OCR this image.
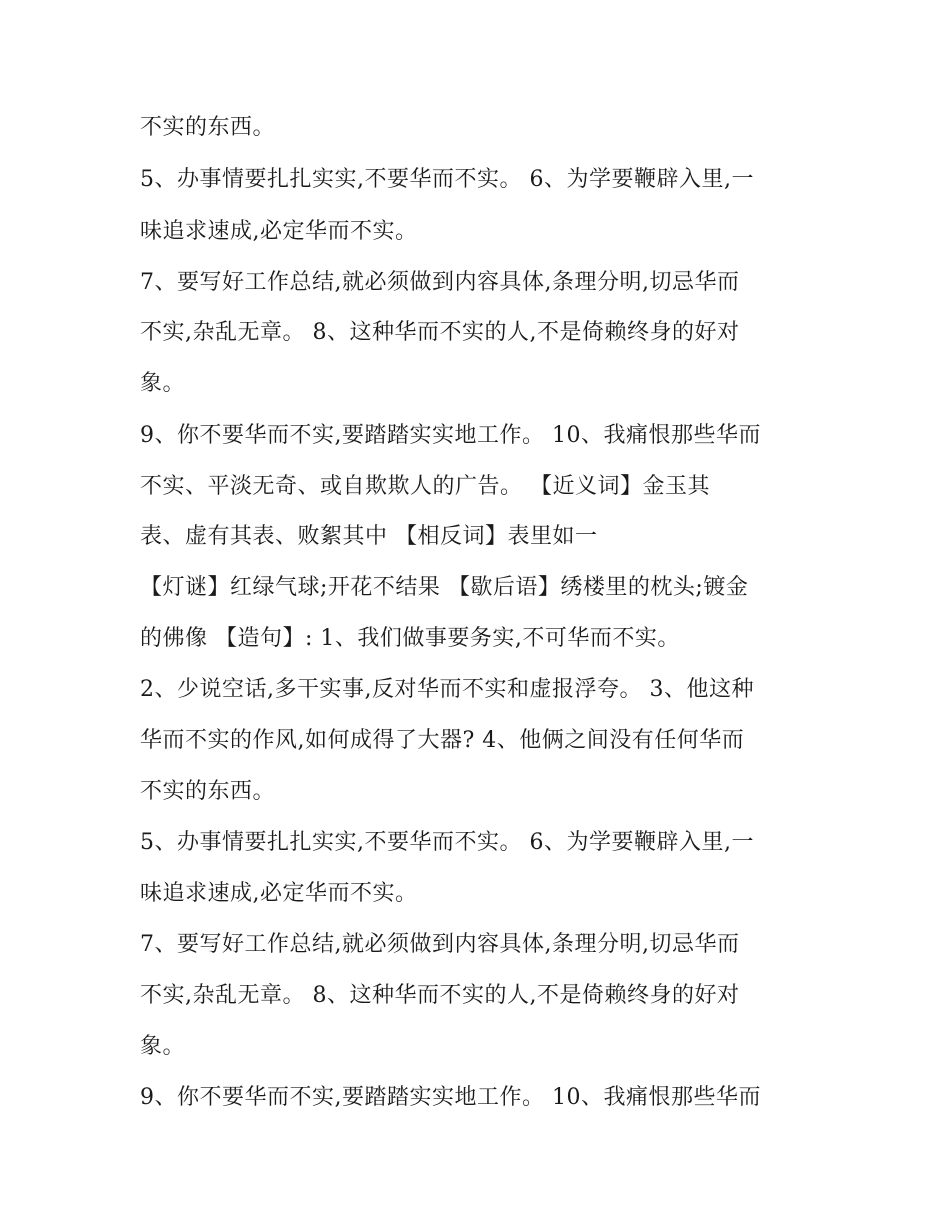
不实的东西。
5、办事情要扎扎实实,不要华而不实。 6、为学要鞭辟入里,一
味追求速成,必定华而不实。
7、要写好工作总结,就必须做到内容具体,条理分明,切忌华而
不实,杂乱无章。 8、这种华而不实的人,不是倚赖终身的好对
象。
9、你不要华而不实,要踏踏实实地工作。 10、我痛恨那些华而
不实、平淡无奇、或自欺欺人的广告。 【近义词】金玉其
表、虚有其表、败絮其中 【相反词】表里如一
【灯谜】红绿气球;开花不结果 【歇后语】绣楼里的枕头;镀金
的佛像 【造句】: 1、我们做事要务实,不可华而不实。
2、少说空话,多干实事,反对华而不实和虚报浮夸。 3、他这种
华而不实的作风,如何成得了大器? 4、他俩之间没有任何华而
不实的东西。
5、办事情要扎扎实实,不要华而不实。 6、为学要鞭辟入里,一
味追求速成,必定华而不实。
7、要写好工作总结,就必须做到内容具体,条理分明,切忌华而
不实,杂乱无章。 8、这种华而不实的人,不是倚赖终身的好对
象。
9、你不要华而不实,要踏踏实实地工作。 10、我痛恨那些华而
